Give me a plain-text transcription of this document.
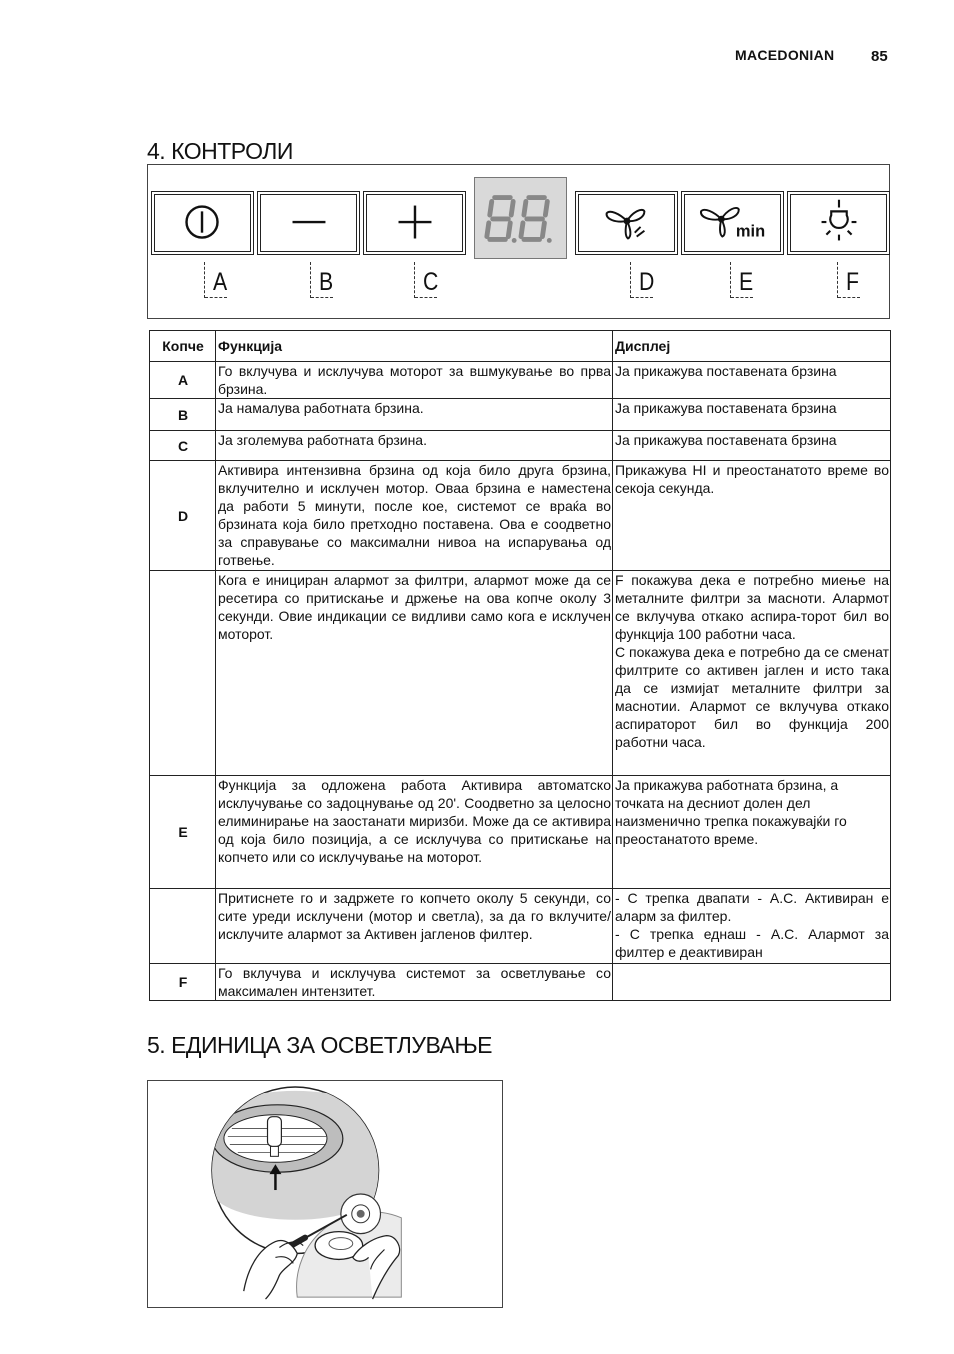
MACEDONIAN 85
4. КОНТРОЛИ
min
A	B	C	D	E	F
Копче	Функција	Дисплеј
A	Го вклучува и исклучува моторот за вшмукување во прва брзина.	Ја прикажува поставената брзина
B	Ја намалува работната брзина.	Ја прикажува поставената брзина
C	Ја зголемува работната брзина.	Ја прикажува поставената брзина
D	Активира интензивна брзина од која било друга брзина, вклучително и исклучен мотор. Оваа брзина е наместена да работи 5 минути, после кое, системот се враќа во брзината која било претходно поставена. Ова е соодветно за справување со максимални нивоа на испарувања од готвење.	Прикажува HI и преостанатото време во секоја секунда.
	Кога е инициран алармот за филтри, алармот може да се ресетира со притискање и држење на ова копче околу 3 секунди. Овие индикации се видливи само кога е исклучен моторот.	F покажува дека е потребно миење на металните филтри за масноти. Алармот се вклучува откако аспира-торот бил во функција 100 работни часа.
C покажува дека е потребно да се сменат филтрите со активен јаглен и исто така да се измијат металните филтри за маснотии. Алармот се вклучува откако аспираторот бил во функција 200 работни часа.
E	Функција за одложена работа Активира автоматско исклучување со задоцнување од 20'. Соодветно за целосно елиминирање на заостанати миризби. Може да се активира од која било позиција, а се исклучува со притискање на копчето или со исклучување на моторот.	Ја прикажува работната брзина, а точката на десниот долен дел наизменично трепка покажувајќи го преостанатото време.
	Притиснете го и задржете го копчето околу 5 секунди, со сите уреди исклучени (мотор и светла), за да го вклучите/исклучите алармот за Активен јагленов филтер.	- C трепка двапати - A.C. Активиран е аларм за филтер.
- C трепка еднаш - A.C. Алармот за филтер е деактивиран
F	Го вклучува и исклучува системот за осветлување со максимален интензитет.	
5. ЕДИНИЦА ЗА ОСВЕТЛУВАЊЕ
